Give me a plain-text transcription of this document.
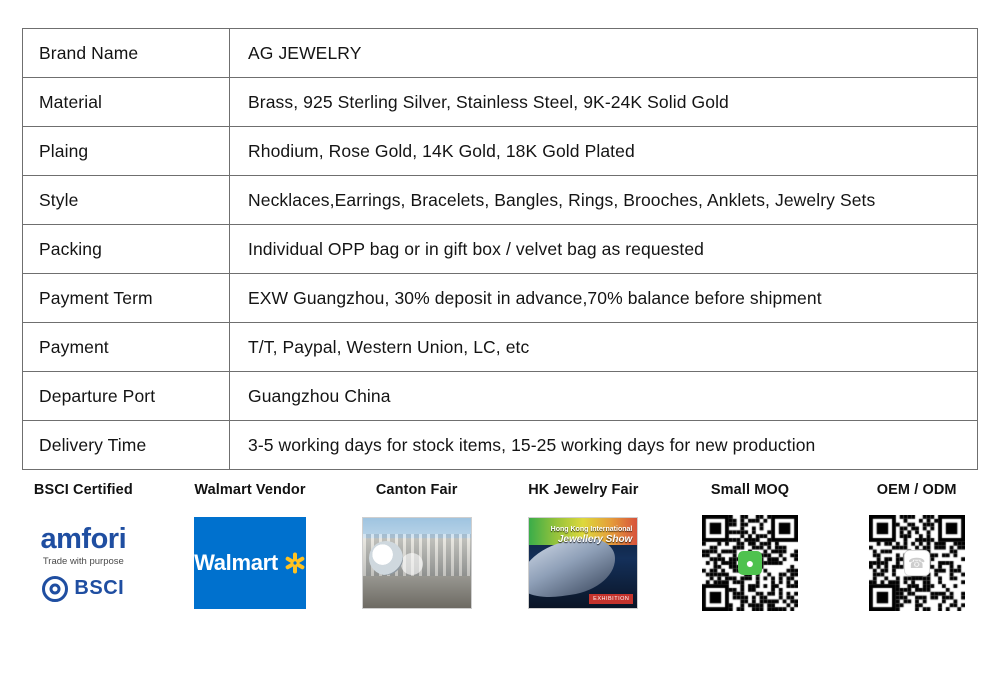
Brand Name	AG JEWELRY
Material	Brass, 925 Sterling Silver, Stainless Steel, 9K-24K Solid Gold
Plaing	Rhodium, Rose Gold, 14K Gold, 18K Gold Plated
Style	Necklaces,Earrings, Bracelets, Bangles, Rings, Brooches, Anklets, Jewelry Sets
Packing	Individual OPP bag or in gift box / velvet bag as requested
Payment Term	EXW Guangzhou, 30% deposit in advance,70% balance before shipment
Payment	T/T, Paypal, Western Union, LC, etc
Departure Port	Guangzhou China
Delivery Time	3-5 working days for stock items, 15-25 working days for new production
BSCI Certified
amfori
Trade with purpose
BSCI
Walmart Vendor
Walmart
Canton Fair	HK Jewelry Fair
Hong Kong International
Jewellery Show
EXHIBITION
Small MOQ
●
OEM / ODM
☎
